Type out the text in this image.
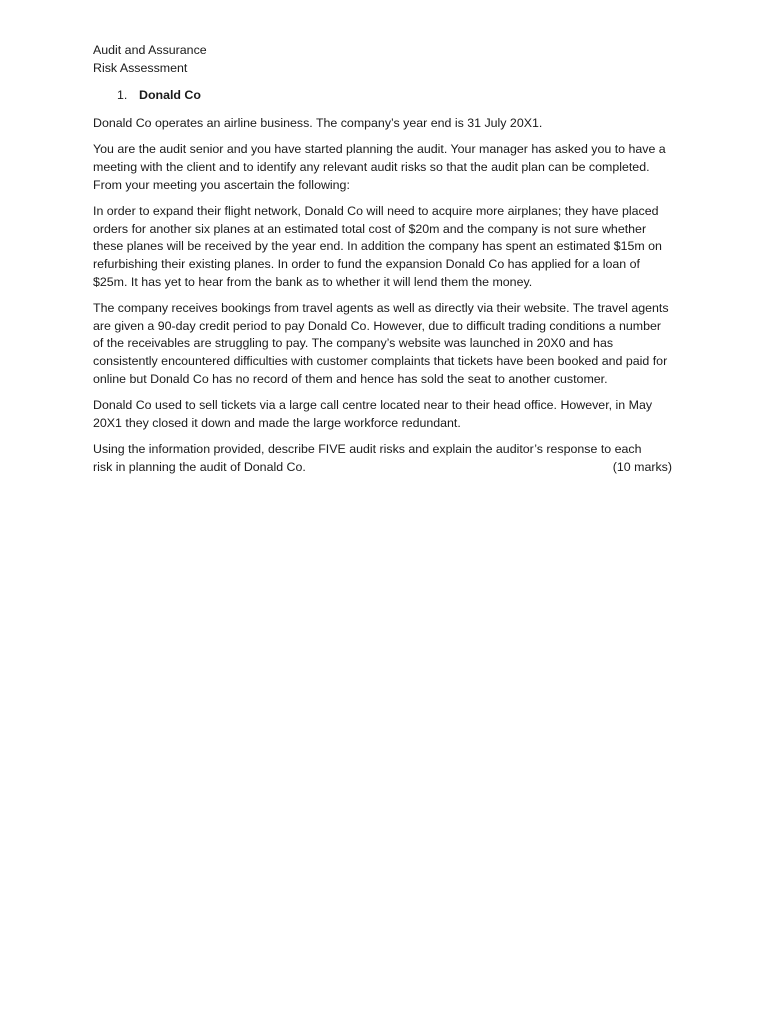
Audit and Assurance
Risk Assessment
1. Donald Co

Donald Co operates an airline business. The company’s year end is 31 July 20X1.

You are the audit senior and you have started planning the audit. Your manager has asked you to have a meeting with the client and to identify any relevant audit risks so that the audit plan can be completed. From your meeting you ascertain the following:

In order to expand their flight network, Donald Co will need to acquire more airplanes; they have placed orders for another six planes at an estimated total cost of $20m and the company is not sure whether these planes will be received by the year end. In addition the company has spent an estimated $15m on refurbishing their existing planes. In order to fund the expansion Donald Co has applied for a loan of $25m. It has yet to hear from the bank as to whether it will lend them the money.

The company receives bookings from travel agents as well as directly via their website. The travel agents are given a 90-day credit period to pay Donald Co. However, due to difficult trading conditions a number of the receivables are struggling to pay. The company’s website was launched in 20X0 and has consistently encountered difficulties with customer complaints that tickets have been booked and paid for online but Donald Co has no record of them and hence has sold the seat to another customer.

Donald Co used to sell tickets via a large call centre located near to their head office. However, in May 20X1 they closed it down and made the large workforce redundant.

Using the information provided, describe FIVE audit risks and explain the auditor’s response to each
risk in planning the audit of Donald Co.	(10 marks)
